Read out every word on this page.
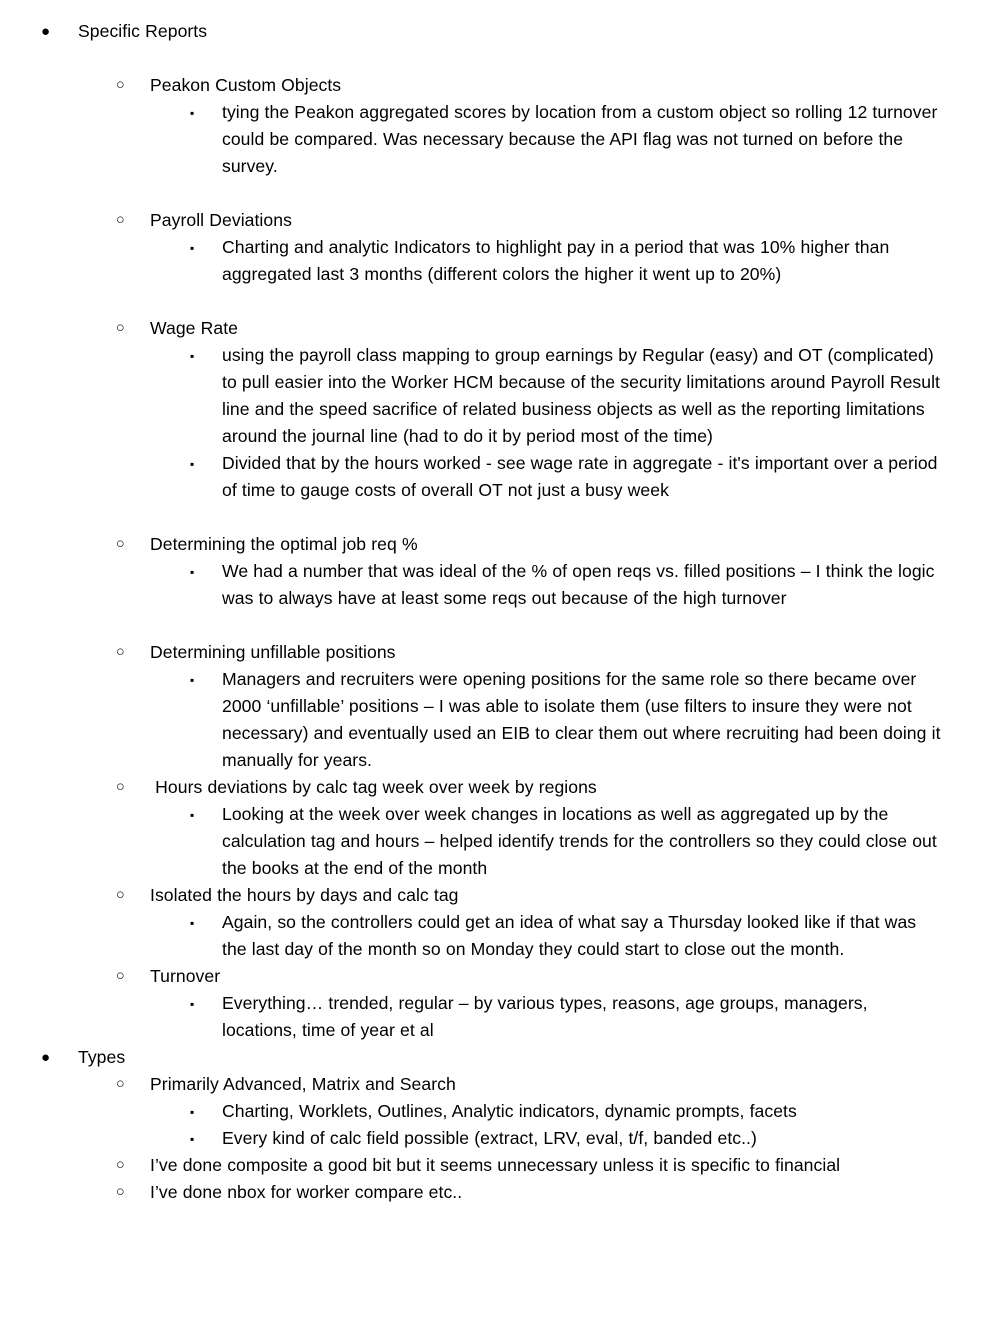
● Specific Reports
○ Peakon Custom Objects
▪ tying the Peakon aggregated scores by location from a custom object so rolling 12 turnover could be compared. Was necessary because the API flag was not turned on before the survey.
○ Payroll Deviations
▪ Charting and analytic Indicators to highlight pay in a period that was 10% higher than aggregated last 3 months (different colors the higher it went up to 20%)
○ Wage Rate
▪ using the payroll class mapping to group earnings by Regular (easy) and OT (complicated) to pull easier into the Worker HCM because of the security limitations around Payroll Result line and the speed sacrifice of related business objects as well as the reporting limitations around the journal line (had to do it by period most of the time)
▪ Divided that by the hours worked - see wage rate in aggregate - it's important over a period of time to gauge costs of overall OT not just a busy week
○ Determining the optimal job req %
▪ We had a number that was ideal of the % of open reqs vs. filled positions – I think the logic was to always have at least some reqs out because of the high turnover
○ Determining unfillable positions
▪ Managers and recruiters were opening positions for the same role so there became over 2000 ‘unfillable’ positions – I was able to isolate them (use filters to insure they were not necessary) and eventually used an EIB to clear them out where recruiting had been doing it manually for years.
○ Hours deviations by calc tag week over week by regions
▪ Looking at the week over week changes in locations as well as aggregated up by the calculation tag and hours – helped identify trends for the controllers so they could close out the books at the end of the month
○ Isolated the hours by days and calc tag
▪ Again, so the controllers could get an idea of what say a Thursday looked like if that was the last day of the month so on Monday they could start to close out the month.
○ Turnover
▪ Everything… trended, regular – by various types, reasons, age groups, managers, locations, time of year et al
● Types
○ Primarily Advanced, Matrix and Search
▪ Charting, Worklets, Outlines, Analytic indicators, dynamic prompts, facets
▪ Every kind of calc field possible (extract, LRV, eval, t/f, banded etc..)
○ I’ve done composite a good bit but it seems unnecessary unless it is specific to financial
○ I’ve done nbox for worker compare etc..
